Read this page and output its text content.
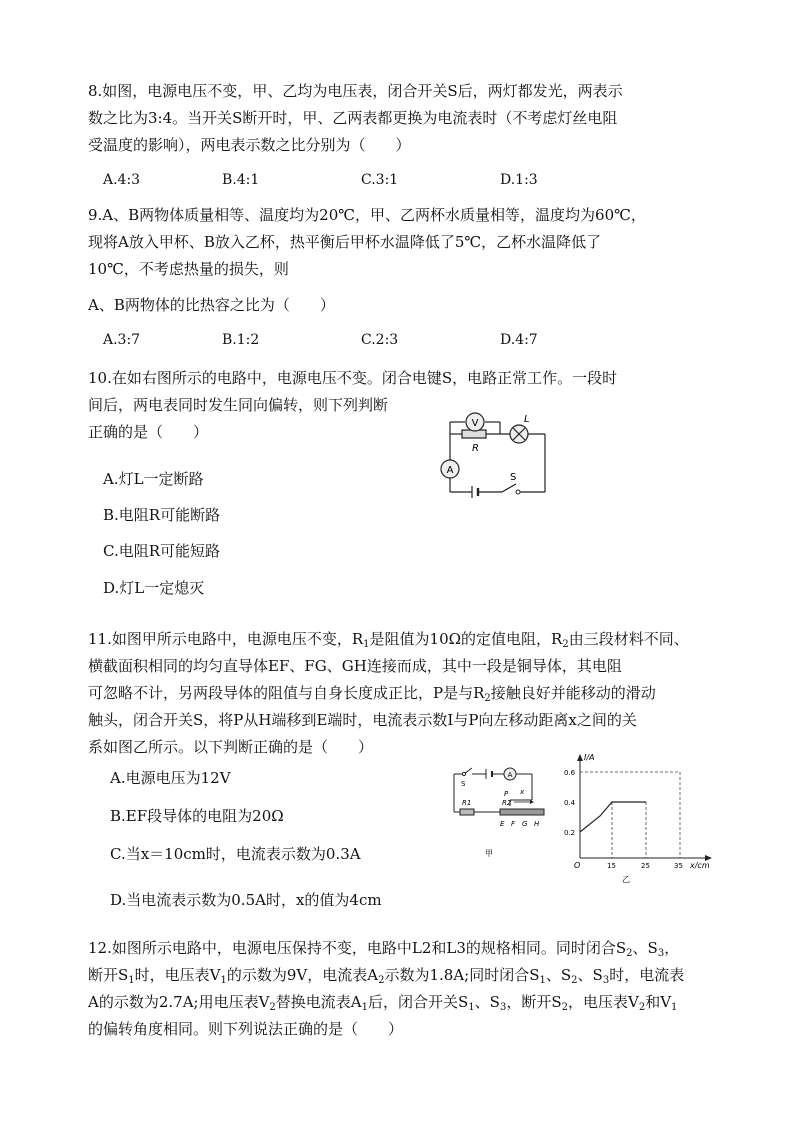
8.如图，电源电压不变，甲、乙均为电压表，闭合开关S后，两灯都发光，两表示
数之比为3:4。当开关S断开时，甲、乙两表都更换为电流表时（不考虑灯丝电阻
受温度的影响），两电表示数之比分别为（　　）
A.4:3	B.4:1	C.3:1	D.1:3
9.A、B两物体质量相等、温度均为20℃，甲、乙两杯水质量相等，温度均为60℃，
现将A放入甲杯、B放入乙杯，热平衡后甲杯水温降低了5℃，乙杯水温降低了
10℃，不考虑热量的损失，则
A、B两物体的比热容之比为（　　）
A.3:7	B.1:2	C.2:3	D.4:7
10.在如右图所示的电路中，电源电压不变。闭合电键S，电路正常工作。一段时
间后，两电表同时发生同向偏转，则下列判断
正确的是（　　）
A.灯L一定断路
B.电阻R可能断路
C.电阻R可能短路
D.灯L一定熄灭
V	L
R
A
S
11.如图甲所示电路中，电源电压不变，$R_1$是阻值为10Ω的定值电阻，$R_2$由三段材料不同、
横截面积相同的均匀直导体EF、FG、GH连接而成，其中一段是铜导体，其电阻
可忽略不计，另两段导体的阻值与自身长度成正比，P是与$R_2$接触良好并能移动的滑动
触头，闭合开关S，将P从H端移到E端时，电流表示数I与P向左移动距离x之间的关
系如图乙所示。以下判断正确的是（　　）
A.电源电压为12V
B.EF段导体的电阻为20Ω
C.当x＝10cm时，电流表示数为0.3A
D.当电流表示数为0.5A时，x的值为4cm
S
A
P x
R1	R2
E F G H
甲
I/A
x/cm
0.6
0.4
0.2
O	15	25	35
乙
12.如图所示电路中，电源电压保持不变，电路中L2和L3的规格相同。同时闭合$S_2$、$S_3$，
断开$S_1$时，电压表$V_1$的示数为9V，电流表$A_2$示数为1.8A;同时闭合$S_1$、$S_2$、$S_3$时，电流表
A的示数为2.7A;用电压表$V_2$替换电流表$A_1$后，闭合开关$S_1$、$S_3$，断开$S_2$，电压表$V_2$和$V_1$
的偏转角度相同。则下列说法正确的是（　　）
